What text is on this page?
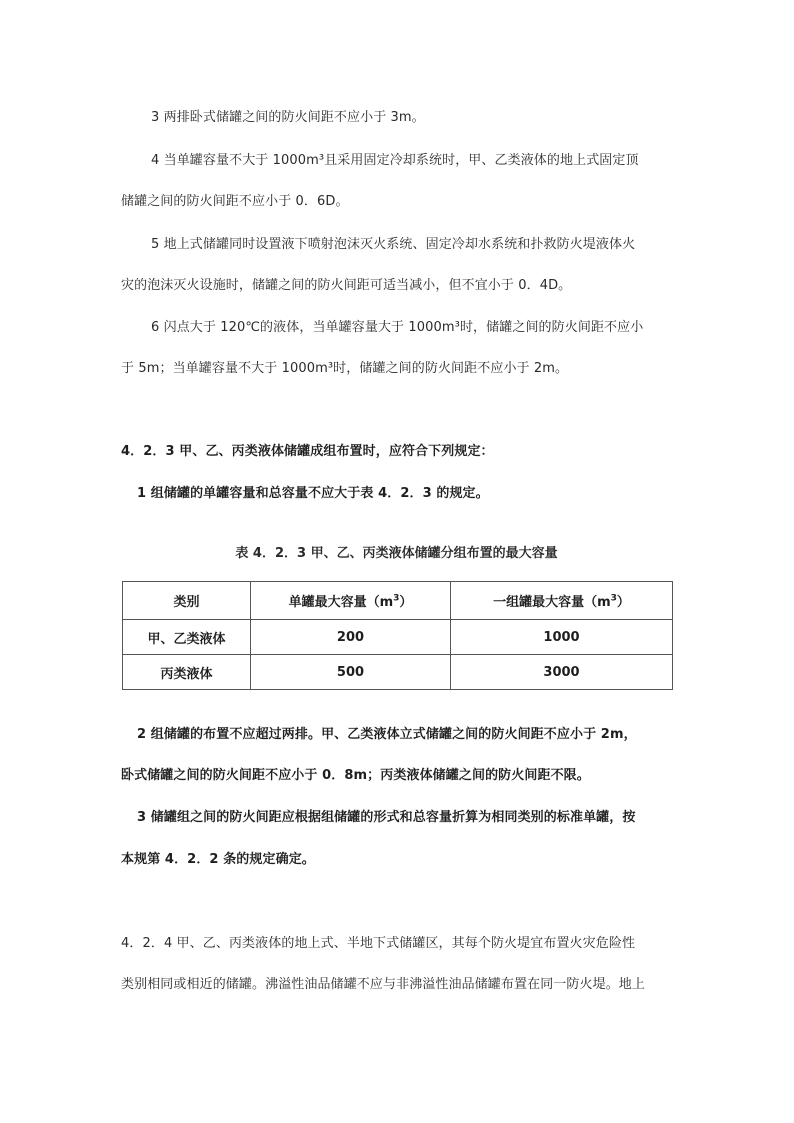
3 两排卧式储罐之间的防火间距不应小于 3m。
4 当单罐容量不大于 1000m³且采用固定冷却系统时，甲、乙类液体的地上式固定顶
储罐之间的防火间距不应小于 0．6D。
5 地上式储罐同时设置液下喷射泡沫灭火系统、固定冷却水系统和扑救防火堤液体火
灾的泡沫灭火设施时，储罐之间的防火间距可适当减小，但不宜小于 0．4D。
6 闪点大于 120℃的液体，当单罐容量大于 1000m³时，储罐之间的防火间距不应小
于 5m；当单罐容量不大于 1000m³时，储罐之间的防火间距不应小于 2m。
4．2．3 甲、乙、丙类液体储罐成组布置时，应符合下列规定：
1 组储罐的单罐容量和总容量不应大于表 4．2．3 的规定。
表 4．2．3 甲、乙、丙类液体储罐分组布置的最大容量
类别	单罐最大容量$(m^3)$	一组罐最大容量$(m^3)$
甲、乙类液体	200	1000
丙类液体	500	3000
2 组储罐的布置不应超过两排。甲、乙类液体立式储罐之间的防火间距不应小于 2m，
卧式储罐之间的防火间距不应小于 0．8m；丙类液体储罐之间的防火间距不限。
3 储罐组之间的防火间距应根据组储罐的形式和总容量折算为相同类别的标准单罐，按
本规第 4．2．2 条的规定确定。
4．2．4 甲、乙、丙类液体的地上式、半地下式储罐区，其每个防火堤宜布置火灾危险性
类别相同或相近的储罐。沸溢性油品储罐不应与非沸溢性油品储罐布置在同一防火堤。地上
